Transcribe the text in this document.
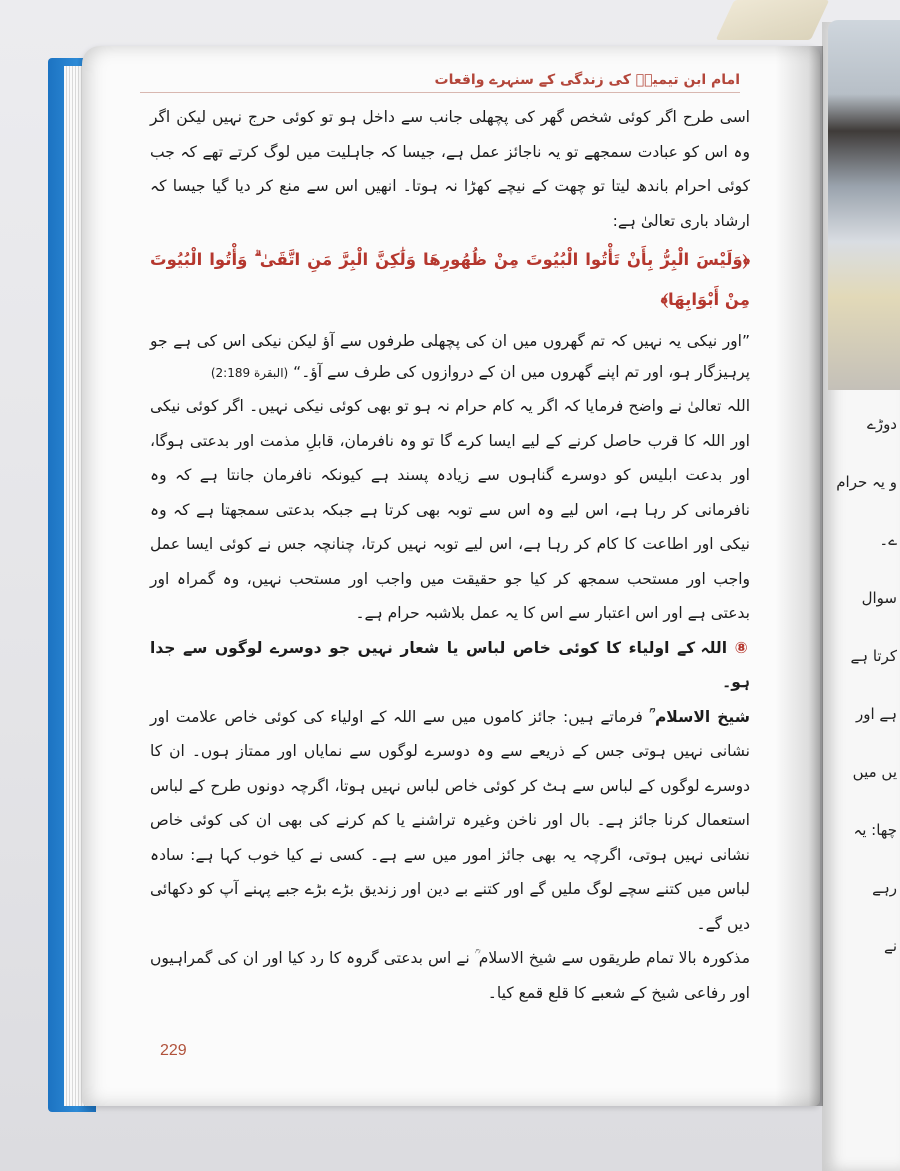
دوڑے
و یہ حرام
ے۔
سوال
کرتا ہے
ہے اور
یں میں
چھا: یہ
رہے
نے
امام ابن تیمیہؒ کی زندگی کے سنہرے واقعات

اسی طرح اگر کوئی شخص گھر کی پچھلی جانب سے داخل ہو تو کوئی حرج نہیں لیکن اگر وہ اس کو عبادت سمجھے تو یہ ناجائز عمل ہے، جیسا کہ جاہلیت میں لوگ کرتے تھے کہ جب کوئی احرام باندھ لیتا تو چھت کے نیچے کھڑا نہ ہوتا۔ انھیں اس سے منع کر دیا گیا جیسا کہ ارشاد باری تعالیٰ ہے:

﴿وَلَيْسَ الْبِرُّ بِأَنْ تَأْتُوا الْبُيُوتَ مِنْ ظُهُورِهَا وَلَٰكِنَّ الْبِرَّ مَنِ اتَّقَىٰ ۗ وَأْتُوا الْبُيُوتَ مِنْ أَبْوَابِهَا﴾

”اور نیکی یہ نہیں کہ تم گھروں میں ان کی پچھلی طرفوں سے آؤ لیکن نیکی اس کی ہے جو پرہیزگار ہو، اور تم اپنے گھروں میں ان کے دروازوں کی طرف سے آؤ۔“ (البقرة 2:189)

اللہ تعالیٰ نے واضح فرمایا کہ اگر یہ کام حرام نہ ہو تو بھی کوئی نیکی نہیں۔ اگر کوئی نیکی اور اللہ کا قرب حاصل کرنے کے لیے ایسا کرے گا تو وہ نافرمان، قابلِ مذمت اور بدعتی ہوگا، اور بدعت ابلیس کو دوسرے گناہوں سے زیادہ پسند ہے کیونکہ نافرمان جانتا ہے کہ وہ نافرمانی کر رہا ہے، اس لیے وہ اس سے توبہ بھی کرتا ہے جبکہ بدعتی سمجھتا ہے کہ وہ نیکی اور اطاعت کا کام کر رہا ہے، اس لیے توبہ نہیں کرتا، چنانچہ جس نے کوئی ایسا عمل واجب اور مستحب سمجھ کر کیا جو حقیقت میں واجب اور مستحب نہیں، وہ گمراہ اور بدعتی ہے اور اس اعتبار سے اس کا یہ عمل بلاشبہ حرام ہے۔

⑧ اللہ کے اولیاء کا کوئی خاص لباس یا شعار نہیں جو دوسرے لوگوں سے جدا ہو۔

شیخ الاسلام ؒ فرماتے ہیں: جائز کاموں میں سے اللہ کے اولیاء کی کوئی خاص علامت اور نشانی نہیں ہوتی جس کے ذریعے سے وہ دوسرے لوگوں سے نمایاں اور ممتاز ہوں۔ ان کا دوسرے لوگوں کے لباس سے ہٹ کر کوئی خاص لباس نہیں ہوتا، اگرچہ دونوں طرح کے لباس استعمال کرنا جائز ہے۔ بال اور ناخن وغیرہ تراشنے یا کم کرنے کی بھی ان کی کوئی خاص نشانی نہیں ہوتی، اگرچہ یہ بھی جائز امور میں سے ہے۔ کسی نے کیا خوب کہا ہے: سادہ لباس میں کتنے سچے لوگ ملیں گے اور کتنے بے دین اور زندیق بڑے بڑے جبے پہنے آپ کو دکھائی دیں گے۔

مذکورہ بالا تمام طریقوں سے شیخ الاسلام ؒ نے اس بدعتی گروہ کا رد کیا اور ان کی گمراہیوں اور رفاعی شیخ کے شعبے کا قلع قمع کیا۔

229
